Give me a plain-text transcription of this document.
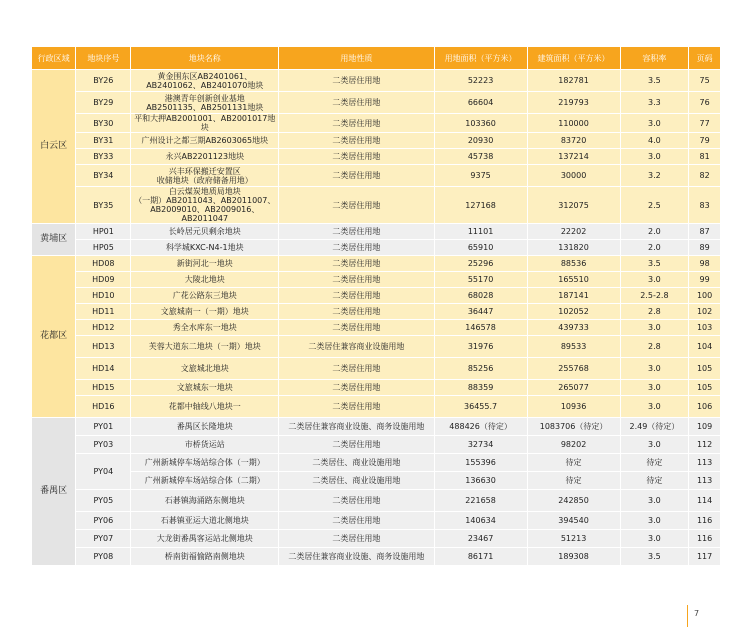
行政区域	地块序号	地块名称	用地性质	用地面积（平方米）	建筑面积（平方米）	容积率	页码
白云区	BY26	黄金围东区AB2401061、
AB2401062、AB2401070地块	二类居住用地	52223	182781	3.5	75
	BY29	港澳青年创新创业基地
AB2501135、AB2501131地块	二类居住用地	66604	219793	3.3	76
	BY30	平和大押AB2001001、AB2001017地块	二类居住用地	103360	110000	3.0	77
	BY31	广州设计之都三期AB2603065地块	二类居住用地	20930	83720	4.0	79
	BY33	永兴AB2201123地块	二类居住用地	45738	137214	3.0	81
	BY34	兴丰环保搬迁安置区
收储地块（政府储备用地）	二类居住用地	9375	30000	3.2	82
	BY35	白云煤炭地质局地块
（一期）AB2011043、AB2011007、
AB2009010、AB2009016、AB2011047	二类居住用地	127168	312075	2.5	83
黄埔区	HP01	长岭居元贝剩余地块	二类居住用地	11101	22202	2.0	87
	HP05	科学城KXC-N4-1地块	二类居住用地	65910	131820	2.0	89
花都区	HD08	新街河北一地块	二类居住用地	25296	88536	3.5	98
	HD09	大陵北地块	二类居住用地	55170	165510	3.0	99
	HD10	广花公路东三地块	二类居住用地	68028	187141	2.5-2.8	100
	HD11	文旅城南一（一期）地块	二类居住用地	36447	102052	2.8	102
	HD12	秀全水库东一地块	二类居住用地	146578	439733	3.0	103
	HD13	芙蓉大道东二地块（一期）地块	二类居住兼容商业设施用地	31976	89533	2.8	104
	HD14	文旅城北地块	二类居住用地	85256	255768	3.0	105
	HD15	文旅城东一地块	二类居住用地	88359	265077	3.0	105
	HD16	花都中轴线八地块一	二类居住用地	36455.7	10936	3.0	106
番禺区	PY01	番禺区长隆地块	二类居住兼容商业设施、商务设施用地	488426（待定）	1083706（待定）	2.49（待定）	109
	PY03	市桥货运站	二类居住用地	32734	98202	3.0	112
	PY04	广州新城停车场站综合体（一期）	二类居住、商业设施用地	155396	待定	待定	113
		广州新城停车场站综合体（二期）	二类居住、商业设施用地	136630	待定	待定	113
	PY05	石碁镇海涌路东侧地块	二类居住用地	221658	242850	3.0	114
	PY06	石碁镇亚运大道北侧地块	二类居住用地	140634	394540	3.0	116
	PY07	大龙街番禺客运站北侧地块	二类居住用地	23467	51213	3.0	116
	PY08	桥南街福愉路南侧地块	二类居住兼容商业设施、商务设施用地	86171	189308	3.5	117
7
